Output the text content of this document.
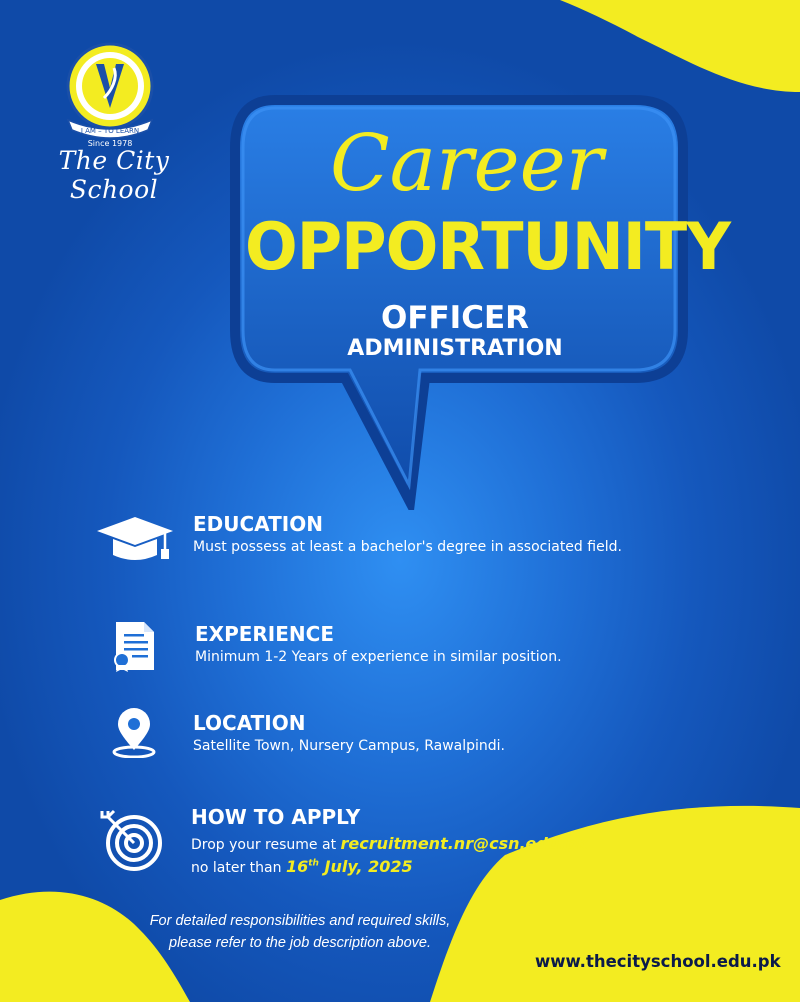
I AM – TO LEARN
Since 1978
The City School	Career
OPPORTUNITY
OFFICER
ADMINISTRATION
EDUCATION
Must possess at least a bachelor's degree in associated field.
EXPERIENCE
Minimum 1-2 Years of experience in similar position.
LOCATION
Satellite Town, Nursery Campus, Rawalpindi.
HOW TO APPLY
Drop your resume at recruitment.nr@csn.edu.pk
no later than 16th July, 2025
For detailed responsibilities and required skills,
please refer to the job description above.
www.thecityschool.edu.pk
